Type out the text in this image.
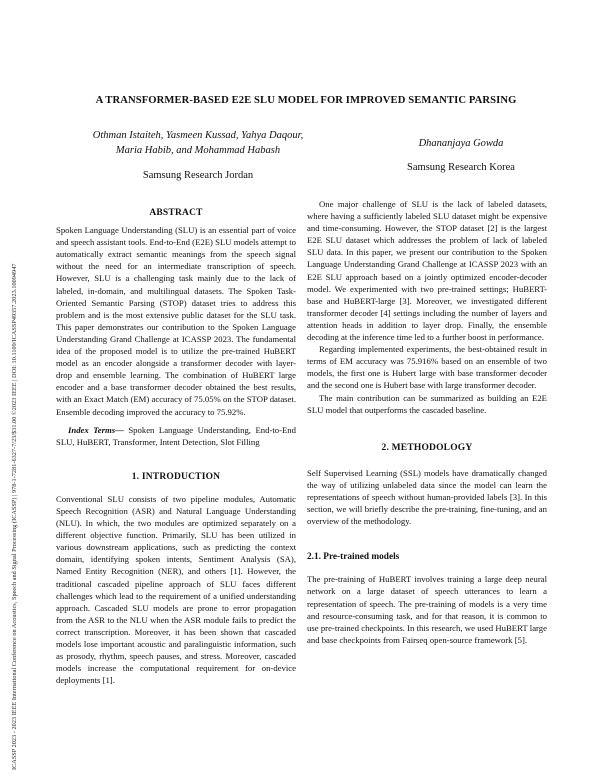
ICASSP 2023 - 2023 IEEE International Conference on Acoustics, Speech and Signal Processing (ICASSP) | 978-1-7281-6327-7/23/$31.00 ©2023 IEEE | DOI: 10.1109/ICASSP49357.2023.10094947
A TRANSFORMER-BASED E2E SLU MODEL FOR IMPROVED SEMANTIC PARSING
Othman Istaiteh, Yasmeen Kussad, Yahya Daqour,
Maria Habib, and Mohammad Habash
Samsung Research Jordan
Dhananjaya Gowda
Samsung Research Korea
ABSTRACT

Spoken Language Understanding (SLU) is an essential part of voice and speech assistant tools. End-to-End (E2E) SLU models attempt to automatically extract semantic meanings from the speech signal without the need for an intermediate transcription of speech. However, SLU is a challenging task mainly due to the lack of labeled, in-domain, and multilingual datasets. The Spoken Task-Oriented Semantic Parsing (STOP) dataset tries to address this problem and is the most extensive public dataset for the SLU task. This paper demonstrates our contribution to the Spoken Language Understanding Grand Challenge at ICASSP 2023. The fundamental idea of the proposed model is to utilize the pre-trained HuBERT model as an encoder alongside a transformer decoder with layer-drop and ensemble learning. The combination of HuBERT large encoder and a base transformer decoder obtained the best results, with an Exact Match (EM) accuracy of 75.05% on the STOP dataset. Ensemble decoding improved the accuracy to 75.92%.

Index Terms— Spoken Language Understanding, End-to-End SLU, HuBERT, Transformer, Intent Detection, Slot Filling

1. INTRODUCTION

Conventional SLU consists of two pipeline modules, Automatic Speech Recognition (ASR) and Natural Language Understanding (NLU). In which, the two modules are optimized separately on a different objective function. Primarily, SLU has been utilized in various downstream applications, such as predicting the context domain, identifying spoken intents, Sentiment Analysis (SA), Named Entity Recognition (NER), and others [1]. However, the traditional cascaded pipeline approach of SLU faces different challenges which lead to the requirement of a unified understanding approach. Cascaded SLU models are prone to error propagation from the ASR to the NLU when the ASR module fails to predict the correct transcription. Moreover, it has been shown that cascaded models lose important acoustic and paralinguistic information, such as prosody, rhythm, speech pauses, and stress. Moreover, cascaded models increase the computational requirement for on-device deployments [1].

One major challenge of SLU is the lack of labeled datasets, where having a sufficiently labeled SLU dataset might be expensive and time-consuming. However, the STOP dataset [2] is the largest E2E SLU dataset which addresses the problem of lack of labeled SLU data. In this paper, we present our contribution to the Spoken Language Understanding Grand Challenge at ICASSP 2023 with an E2E SLU approach based on a jointly optimized encoder-decoder model. We experimented with two pre-trained settings; HuBERT-base and HuBERT-large [3]. Moreover, we investigated different transformer decoder [4] settings including the number of layers and attention heads in addition to layer drop. Finally, the ensemble decoding at the inference time led to a further boost in performance.

Regarding implemented experiments, the best-obtained result in terms of EM accuracy was 75.916% based on an ensemble of two models, the first one is Hubert large with base transformer decoder and the second one is Hubert base with large transformer decoder.

The main contribution can be summarized as building an E2E SLU model that outperforms the cascaded baseline.

2. METHODOLOGY

Self Supervised Learning (SSL) models have dramatically changed the way of utilizing unlabeled data since the model can learn the representations of speech without human-provided labels [3]. In this section, we will briefly describe the pre-training, fine-tuning, and an overview of the methodology.

2.1. Pre-trained models

The pre-training of HuBERT involves training a large deep neural network on a large dataset of speech utterances to learn a representation of speech. The pre-training of models is a very time and resource-consuming task, and for that reason, it is common to use pre-trained checkpoints. In this research, we used HuBERT large and base checkpoints from Fairseq open-source framework [5].
